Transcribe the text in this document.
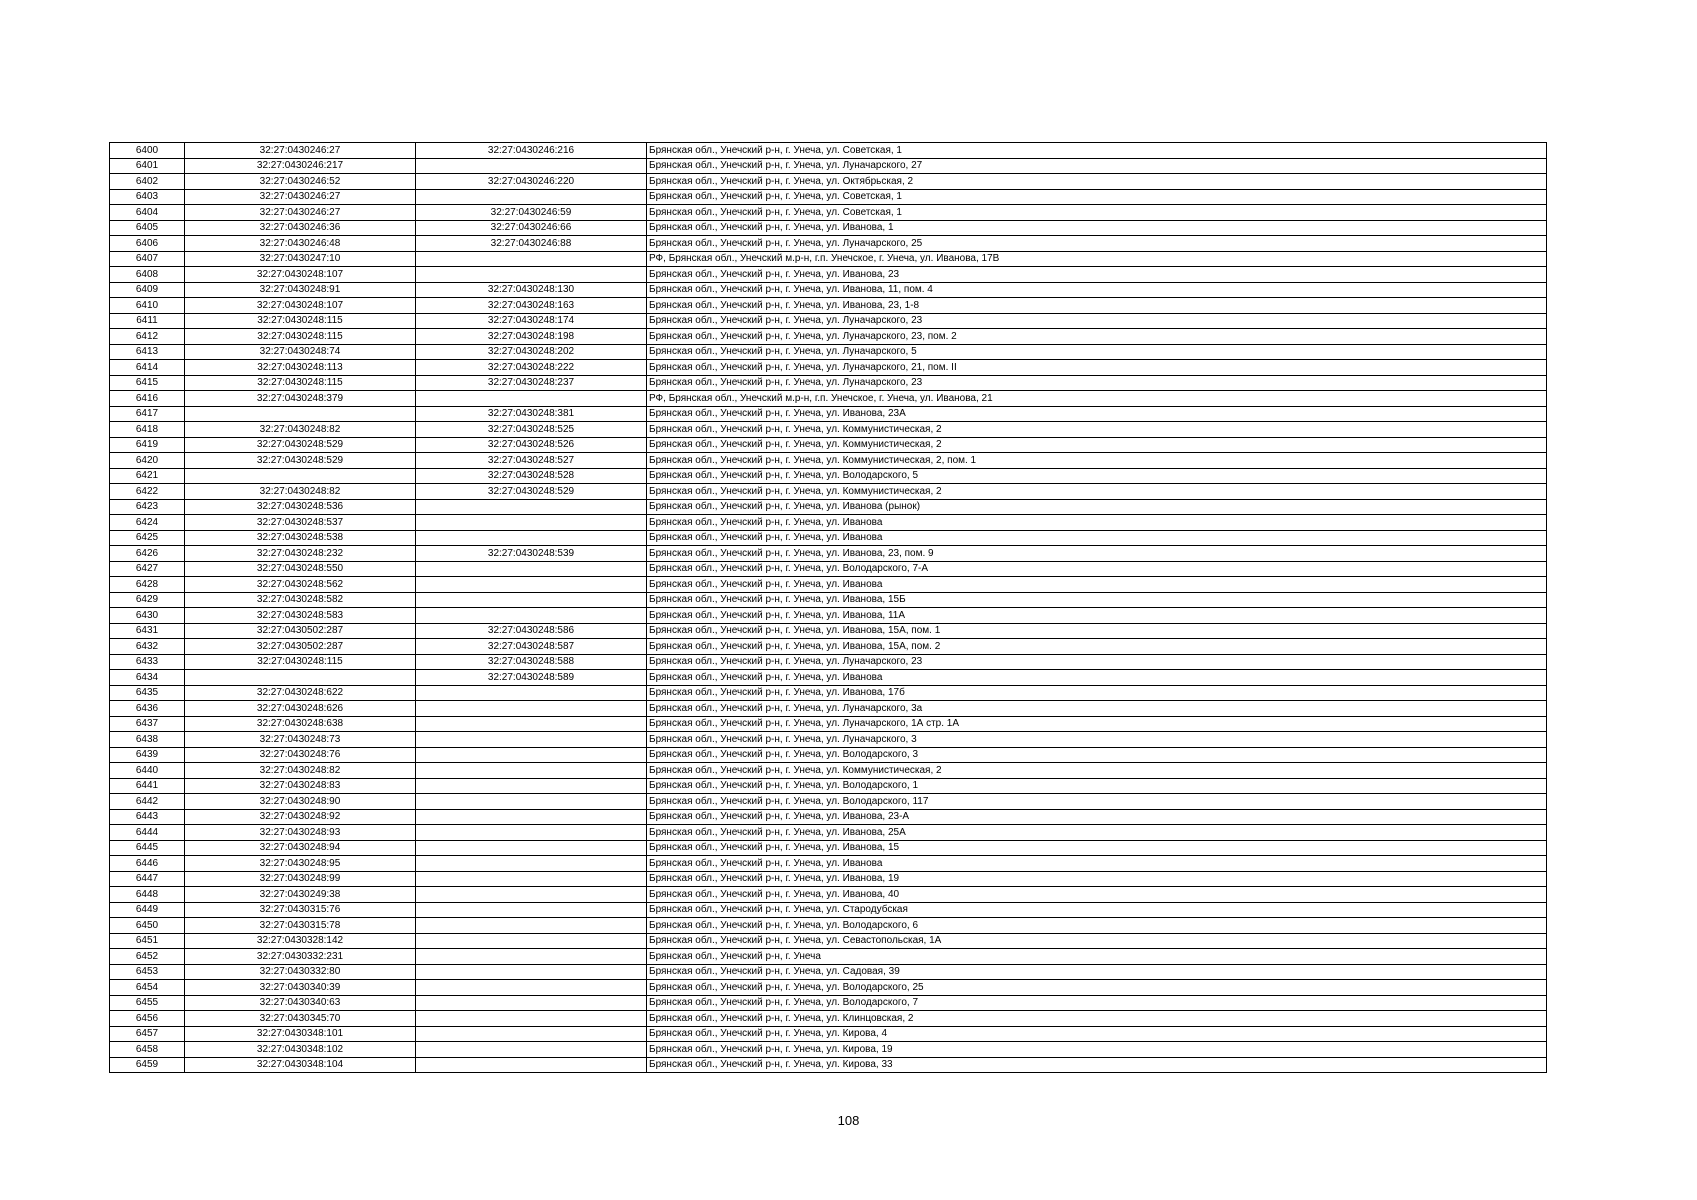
6400	32:27:0430246:27	32:27:0430246:216	Брянская обл., Унечский р-н, г. Унеча, ул. Советская, 1
6401	32:27:0430246:217		Брянская обл., Унечский р-н, г. Унеча, ул. Луначарского, 27
6402	32:27:0430246:52	32:27:0430246:220	Брянская обл., Унечский р-н, г. Унеча, ул. Октябрьская, 2
6403	32:27:0430246:27		Брянская обл., Унечский р-н, г. Унеча, ул. Советская, 1
6404	32:27:0430246:27	32:27:0430246:59	Брянская обл., Унечский р-н, г. Унеча, ул. Советская, 1
6405	32:27:0430246:36	32:27:0430246:66	Брянская обл., Унечский р-н, г. Унеча, ул. Иванова, 1
6406	32:27:0430246:48	32:27:0430246:88	Брянская обл., Унечский р-н, г. Унеча, ул. Луначарского, 25
6407	32:27:0430247:10		РФ, Брянская обл., Унечский м.р-н, г.п. Унечское, г. Унеча, ул. Иванова, 17В
6408	32:27:0430248:107		Брянская обл., Унечский р-н, г. Унеча, ул. Иванова, 23
6409	32:27:0430248:91	32:27:0430248:130	Брянская обл., Унечский р-н, г. Унеча, ул. Иванова, 11, пом. 4
6410	32:27:0430248:107	32:27:0430248:163	Брянская обл., Унечский р-н, г. Унеча, ул. Иванова, 23, 1-8
6411	32:27:0430248:115	32:27:0430248:174	Брянская обл., Унечский р-н, г. Унеча, ул. Луначарского, 23
6412	32:27:0430248:115	32:27:0430248:198	Брянская обл., Унечский р-н, г. Унеча, ул. Луначарского, 23, пом. 2
6413	32:27:0430248:74	32:27:0430248:202	Брянская обл., Унечский р-н, г. Унеча, ул. Луначарского, 5
6414	32:27:0430248:113	32:27:0430248:222	Брянская обл., Унечский р-н, г. Унеча, ул. Луначарского, 21, пом. II
6415	32:27:0430248:115	32:27:0430248:237	Брянская обл., Унечский р-н, г. Унеча, ул. Луначарского, 23
6416	32:27:0430248:379		РФ, Брянская обл., Унечский м.р-н, г.п. Унечское, г. Унеча, ул. Иванова, 21
6417		32:27:0430248:381	Брянская обл., Унечский р-н, г. Унеча, ул. Иванова, 23А
6418	32:27:0430248:82	32:27:0430248:525	Брянская обл., Унечский р-н, г. Унеча, ул. Коммунистическая, 2
6419	32:27:0430248:529	32:27:0430248:526	Брянская обл., Унечский р-н, г. Унеча, ул. Коммунистическая, 2
6420	32:27:0430248:529	32:27:0430248:527	Брянская обл., Унечский р-н, г. Унеча, ул. Коммунистическая, 2, пом. 1
6421		32:27:0430248:528	Брянская обл., Унечский р-н, г. Унеча, ул. Володарского, 5
6422	32:27:0430248:82	32:27:0430248:529	Брянская обл., Унечский р-н, г. Унеча, ул. Коммунистическая, 2
6423	32:27:0430248:536		Брянская обл., Унечский р-н, г. Унеча, ул. Иванова (рынок)
6424	32:27:0430248:537		Брянская обл., Унечский р-н, г. Унеча, ул. Иванова
6425	32:27:0430248:538		Брянская обл., Унечский р-н, г. Унеча, ул. Иванова
6426	32:27:0430248:232	32:27:0430248:539	Брянская обл., Унечский р-н, г. Унеча, ул. Иванова, 23, пом. 9
6427	32:27:0430248:550		Брянская обл., Унечский р-н, г. Унеча, ул. Володарского, 7-А
6428	32:27:0430248:562		Брянская обл., Унечский р-н, г. Унеча, ул. Иванова
6429	32:27:0430248:582		Брянская обл., Унечский р-н, г. Унеча, ул. Иванова, 15Б
6430	32:27:0430248:583		Брянская обл., Унечский р-н, г. Унеча, ул. Иванова, 11А
6431	32:27:0430502:287	32:27:0430248:586	Брянская обл., Унечский р-н, г. Унеча, ул. Иванова, 15А, пом. 1
6432	32:27:0430502:287	32:27:0430248:587	Брянская обл., Унечский р-н, г. Унеча, ул. Иванова, 15А, пом. 2
6433	32:27:0430248:115	32:27:0430248:588	Брянская обл., Унечский р-н, г. Унеча, ул. Луначарского, 23
6434		32:27:0430248:589	Брянская обл., Унечский р-н, г. Унеча, ул. Иванова
6435	32:27:0430248:622		Брянская обл., Унечский р-н, г. Унеча, ул. Иванова, 17б
6436	32:27:0430248:626		Брянская обл., Унечский р-н, г. Унеча, ул. Луначарского, 3а
6437	32:27:0430248:638		Брянская обл., Унечский р-н, г. Унеча, ул. Луначарского, 1А стр. 1А
6438	32:27:0430248:73		Брянская обл., Унечский р-н, г. Унеча, ул. Луначарского, 3
6439	32:27:0430248:76		Брянская обл., Унечский р-н, г. Унеча, ул. Володарского, 3
6440	32:27:0430248:82		Брянская обл., Унечский р-н, г. Унеча, ул. Коммунистическая, 2
6441	32:27:0430248:83		Брянская обл., Унечский р-н, г. Унеча, ул. Володарского, 1
6442	32:27:0430248:90		Брянская обл., Унечский р-н, г. Унеча, ул. Володарского, 117
6443	32:27:0430248:92		Брянская обл., Унечский р-н, г. Унеча, ул. Иванова, 23-А
6444	32:27:0430248:93		Брянская обл., Унечский р-н, г. Унеча, ул. Иванова, 25А
6445	32:27:0430248:94		Брянская обл., Унечский р-н, г. Унеча, ул. Иванова, 15
6446	32:27:0430248:95		Брянская обл., Унечский р-н, г. Унеча, ул. Иванова
6447	32:27:0430248:99		Брянская обл., Унечский р-н, г. Унеча, ул. Иванова, 19
6448	32:27:0430249:38		Брянская обл., Унечский р-н, г. Унеча, ул. Иванова, 40
6449	32:27:0430315:76		Брянская обл., Унечский р-н, г. Унеча, ул. Стародубская
6450	32:27:0430315:78		Брянская обл., Унечский р-н, г. Унеча, ул. Володарского, 6
6451	32:27:0430328:142		Брянская обл., Унечский р-н, г. Унеча, ул. Севастопольская, 1А
6452	32:27:0430332:231		Брянская обл., Унечский р-н, г. Унеча
6453	32:27:0430332:80		Брянская обл., Унечский р-н, г. Унеча, ул. Садовая, 39
6454	32:27:0430340:39		Брянская обл., Унечский р-н, г. Унеча, ул. Володарского, 25
6455	32:27:0430340:63		Брянская обл., Унечский р-н, г. Унеча, ул. Володарского, 7
6456	32:27:0430345:70		Брянская обл., Унечский р-н, г. Унеча, ул. Клинцовская, 2
6457	32:27:0430348:101		Брянская обл., Унечский р-н, г. Унеча, ул. Кирова, 4
6458	32:27:0430348:102		Брянская обл., Унечский р-н, г. Унеча, ул. Кирова, 19
6459	32:27:0430348:104		Брянская обл., Унечский р-н, г. Унеча, ул. Кирова, 33
108
